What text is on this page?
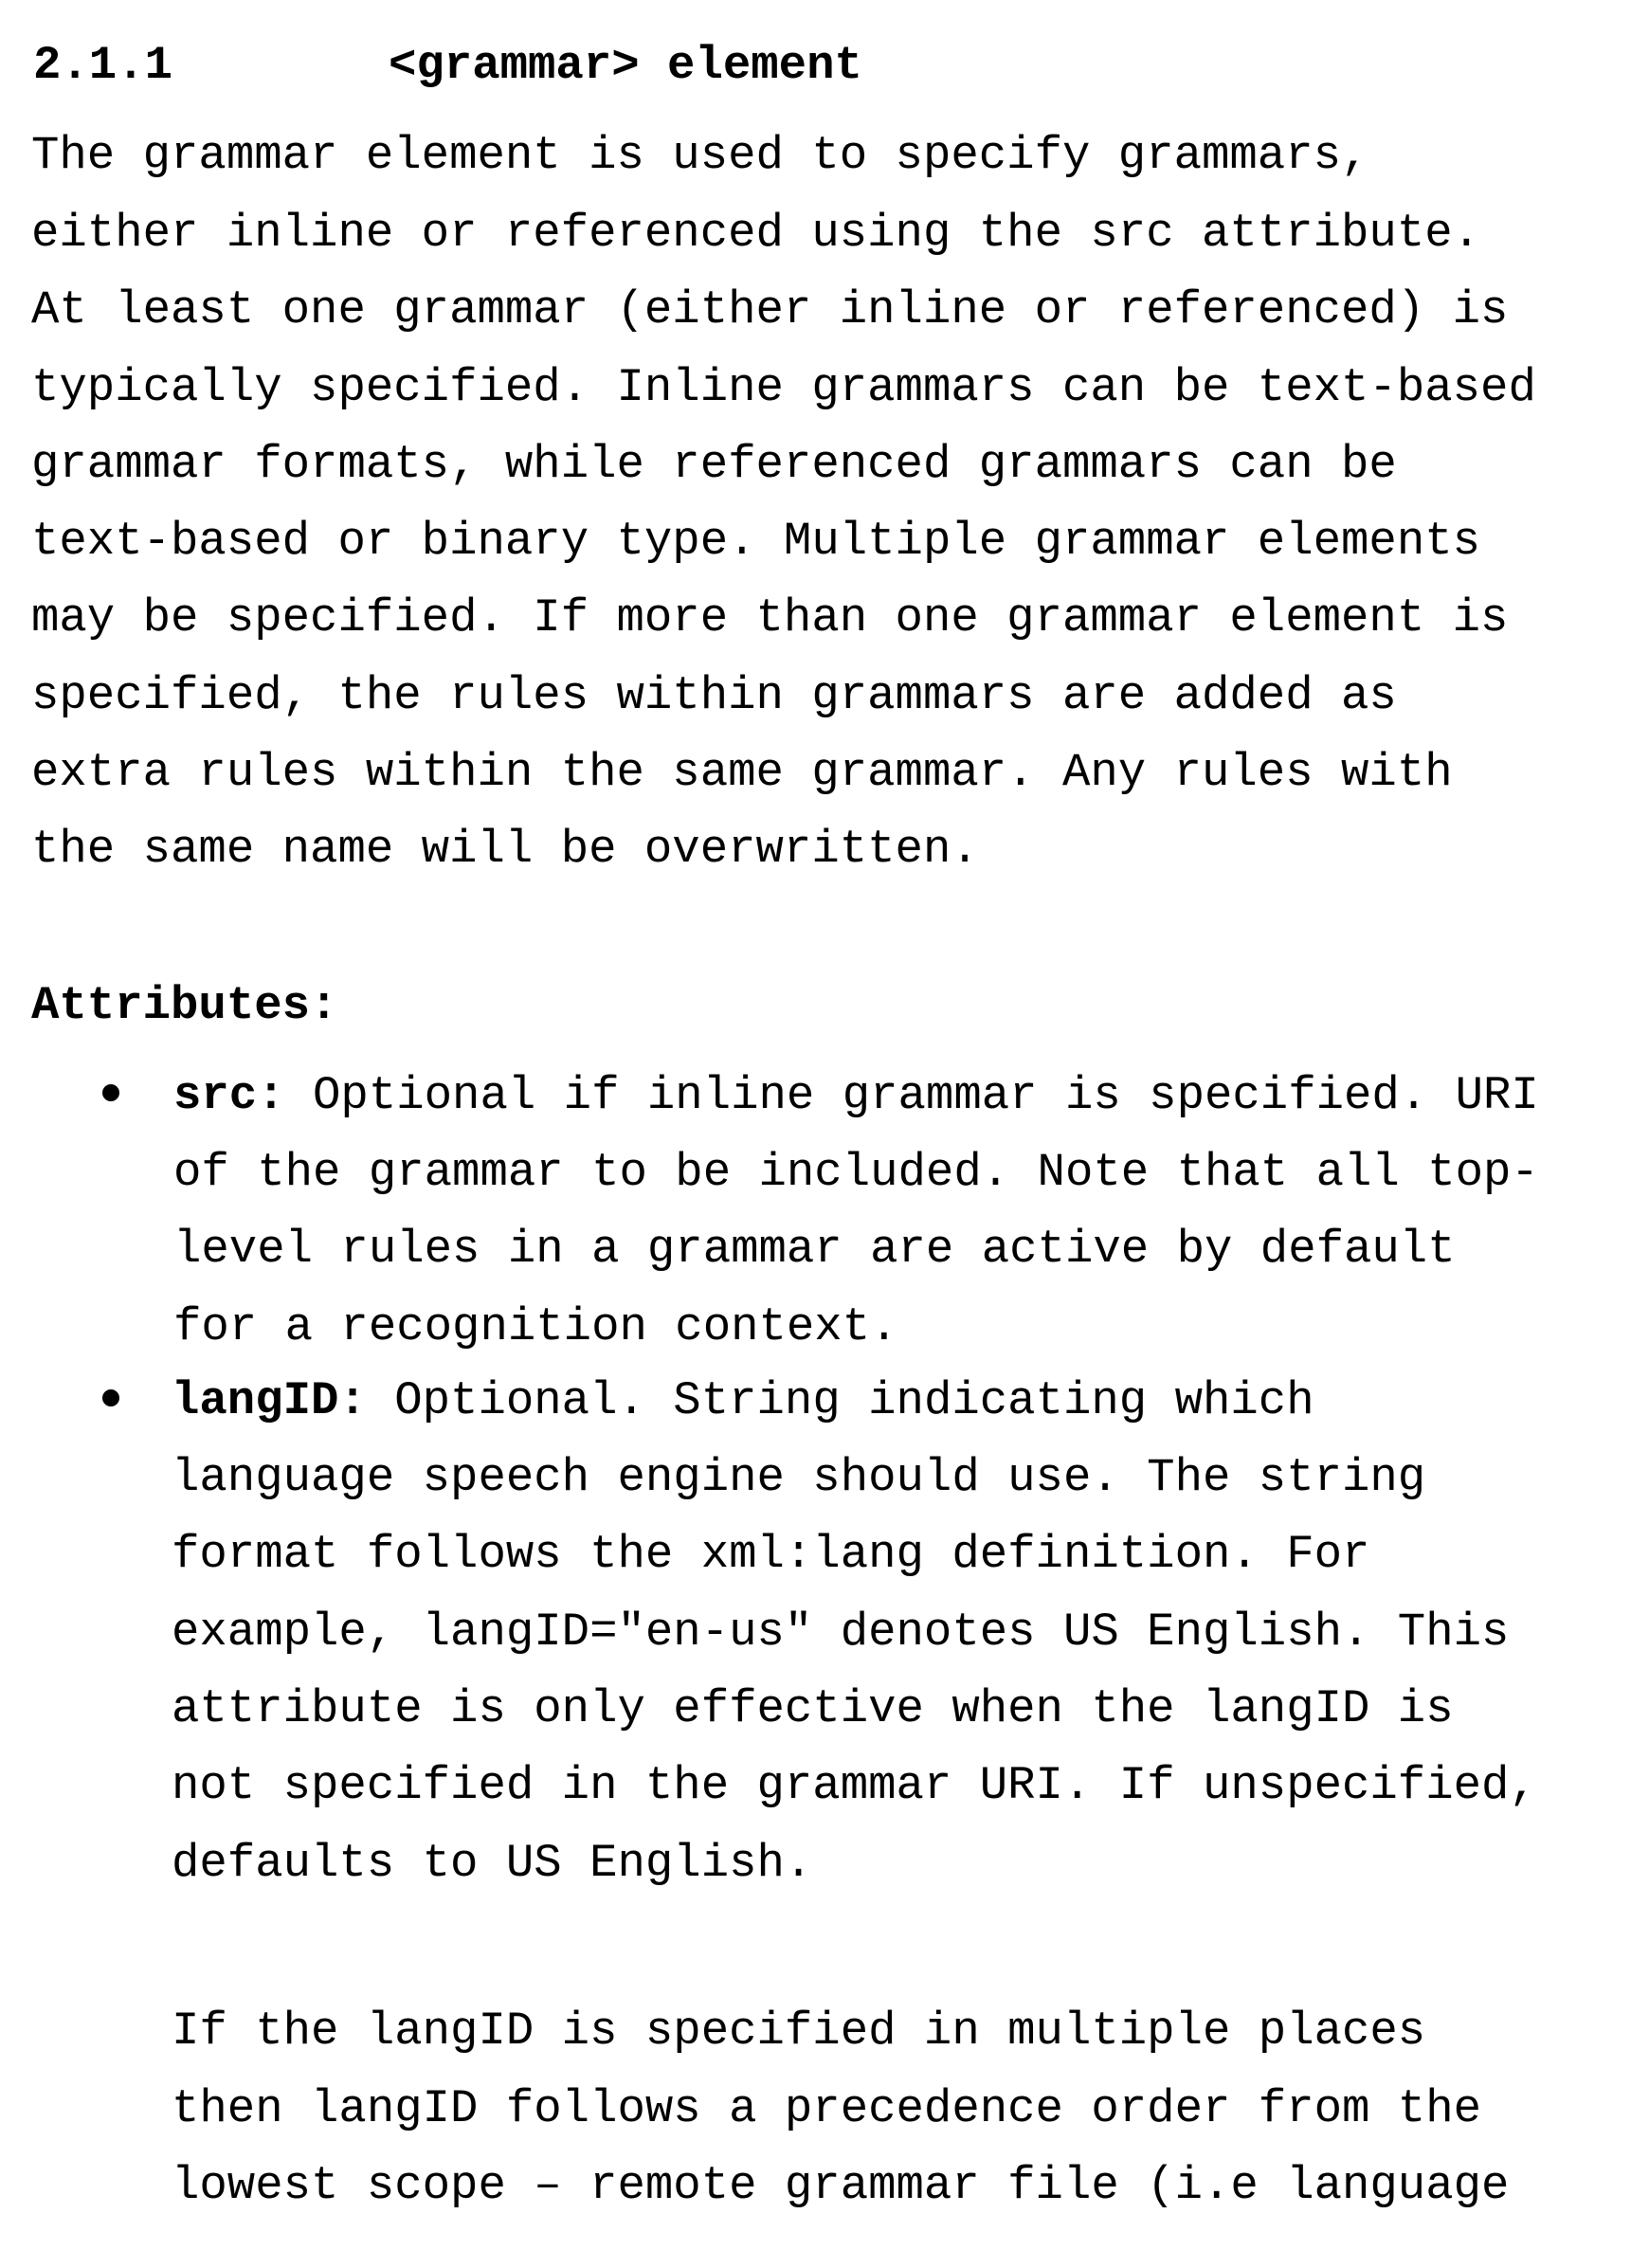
2.1.1	<grammar> element
The grammar element is used to specify grammars,
either inline or referenced using the src attribute.
At least one grammar (either inline or referenced) is
typically specified. Inline grammars can be text-based
grammar formats, while referenced grammars can be
text-based or binary type. Multiple grammar elements
may be specified. If more than one grammar element is
specified, the rules within grammars are added as
extra rules within the same grammar. Any rules with
the same name will be overwritten.
Attributes:
src: Optional if inline grammar is specified. URI
of the grammar to be included. Note that all top-
level rules in a grammar are active by default
for a recognition context.
langID: Optional. String indicating which
language speech engine should use. The string
format follows the xml:lang definition. For
example, langID=″en-us″ denotes US English. This
attribute is only effective when the langID is
not specified in the grammar URI. If unspecified,
defaults to US English.
If the langID is specified in multiple places
then langID follows a precedence order from the
lowest scope – remote grammar file (i.e language
